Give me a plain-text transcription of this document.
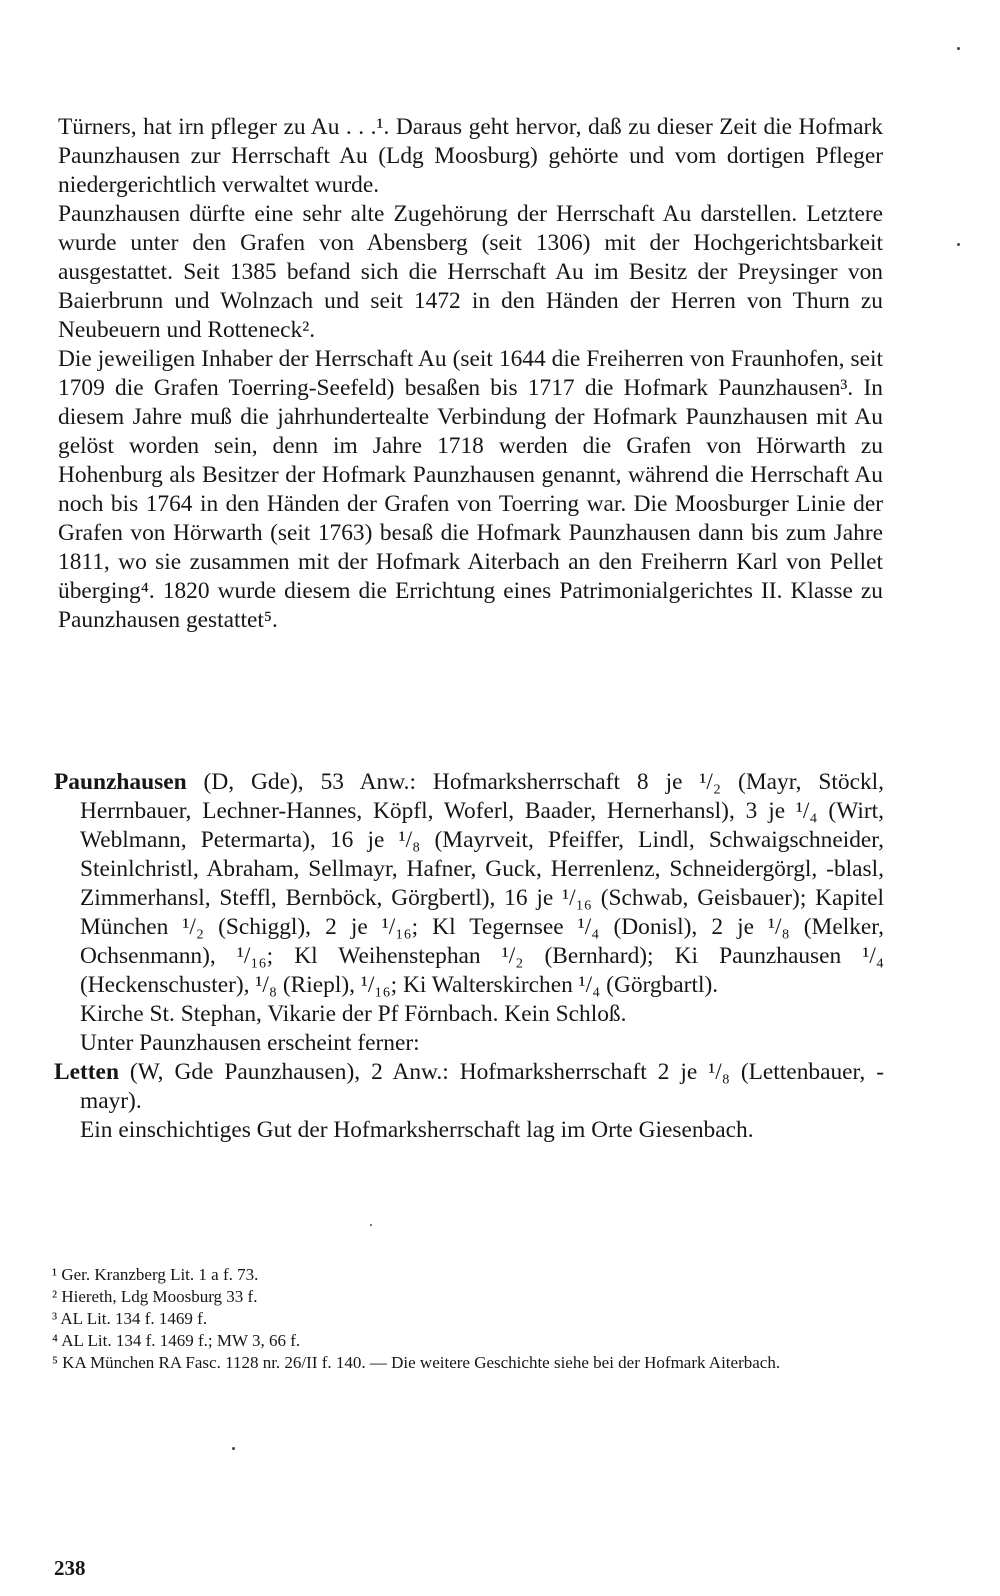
Türners, hat irn pfleger zu Au . . .¹. Daraus geht hervor, daß zu dieser Zeit die Hofmark Paunzhausen zur Herrschaft Au (Ldg Moosburg) gehörte und vom dortigen Pfleger niedergerichtlich verwaltet wurde.

Paunzhausen dürfte eine sehr alte Zugehörung der Herrschaft Au darstellen. Letztere wurde unter den Grafen von Abensberg (seit 1306) mit der Hochgerichtsbarkeit ausgestattet. Seit 1385 befand sich die Herrschaft Au im Besitz der Preysinger von Baierbrunn und Wolnzach und seit 1472 in den Händen der Herren von Thurn zu Neubeuern und Rotteneck².

Die jeweiligen Inhaber der Herrschaft Au (seit 1644 die Freiherren von Fraunhofen, seit 1709 die Grafen Toerring-Seefeld) besaßen bis 1717 die Hofmark Paunzhausen³. In diesem Jahre muß die jahrhundertealte Verbindung der Hofmark Paunzhausen mit Au gelöst worden sein, denn im Jahre 1718 werden die Grafen von Hörwarth zu Hohenburg als Besitzer der Hofmark Paunzhausen genannt, während die Herrschaft Au noch bis 1764 in den Händen der Grafen von Toerring war. Die Moosburger Linie der Grafen von Hörwarth (seit 1763) besaß die Hofmark Paunzhausen dann bis zum Jahre 1811, wo sie zusammen mit der Hofmark Aiterbach an den Freiherrn Karl von Pellet überging⁴. 1820 wurde diesem die Errichtung eines Patrimonialgerichtes II. Klasse zu Paunzhausen gestattet⁵.

Paunzhausen (D, Gde), 53 Anw.: Hofmarksherrschaft 8 je ¹/₂ (Mayr, Stöckl, Herrnbauer, Lechner-Hannes, Köpfl, Woferl, Baader, Hernerhansl), 3 je ¹/₄ (Wirt, Weblmann, Petermarta), 16 je ¹/₈ (Mayrveit, Pfeiffer, Lindl, Schwaigschneider, Steinlchristl, Abraham, Sellmayr, Hafner, Guck, Herrenlenz, Schneidergörgl, -blasl, Zimmerhansl, Steffl, Bernböck, Görgbertl), 16 je ¹/₁₆ (Schwab, Geisbauer); Kapitel München ¹/₂ (Schiggl), 2 je ¹/₁₆; Kl Tegernsee ¹/₄ (Donisl), 2 je ¹/₈ (Melker, Ochsenmann), ¹/₁₆; Kl Weihenstephan ¹/₂ (Bernhard); Ki Paunzhausen ¹/₄ (Heckenschuster), ¹/₈ (Riepl), ¹/₁₆; Ki Walterskirchen ¹/₄ (Görgbartl).

Kirche St. Stephan, Vikarie der Pf Förnbach. Kein Schloß.

Unter Paunzhausen erscheint ferner:

Letten (W, Gde Paunzhausen), 2 Anw.: Hofmarksherrschaft 2 je ¹/₈ (Lettenbauer, -mayr).

Ein einschichtiges Gut der Hofmarksherrschaft lag im Orte Giesenbach.

¹ Ger. Kranzberg Lit. 1 a f. 73.

² Hiereth, Ldg Moosburg 33 f.

³ AL Lit. 134 f. 1469 f.

⁴ AL Lit. 134 f. 1469 f.; MW 3, 66 f.

⁵ KA München RA Fasc. 1128 nr. 26/II f. 140. — Die weitere Geschichte siehe bei der Hofmark Aiterbach.

238
